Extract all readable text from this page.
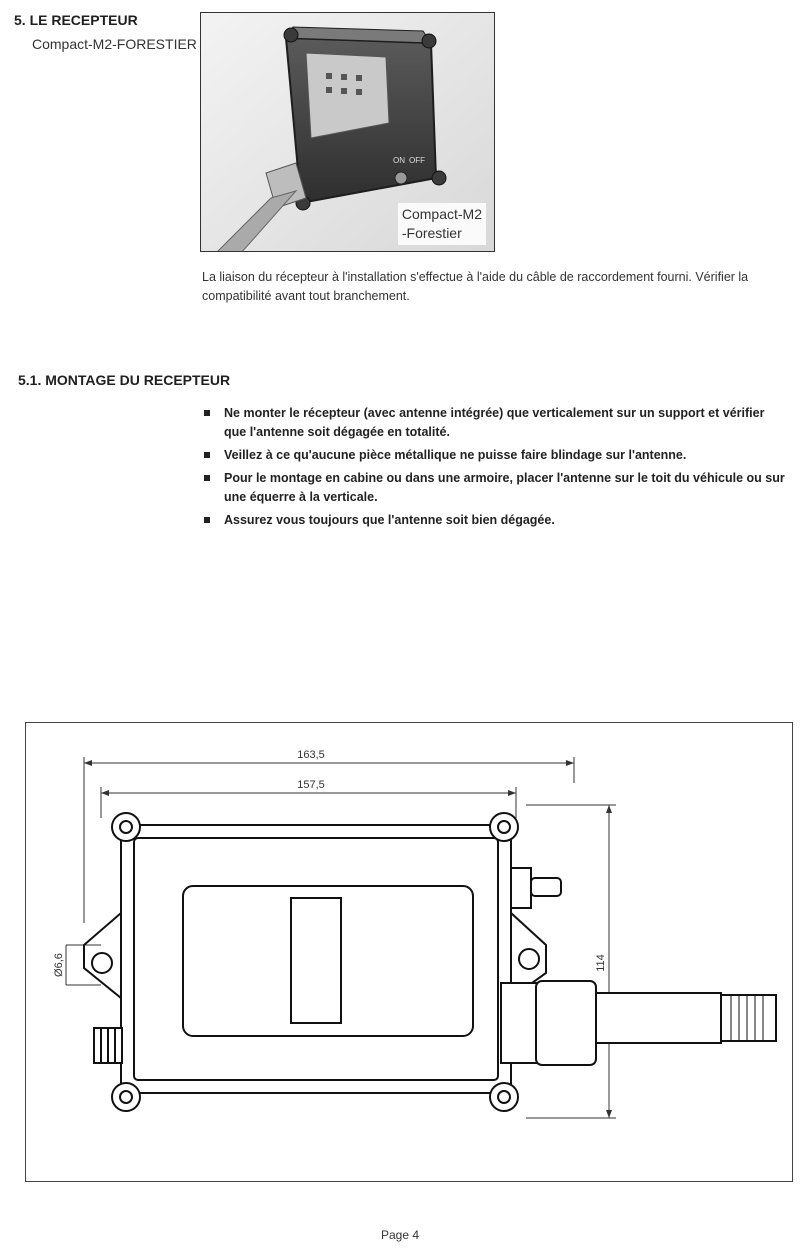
5. LE RECEPTEUR
Compact-M2-FORESTIER
ON OFF
Compact-M2
-Forestier
La liaison du récepteur à l'installation s'effectue à l'aide du câble de raccordement fourni. Vérifier la compatibilité avant tout branchement.
5.1. MONTAGE DU RECEPTEUR
Ne monter le récepteur (avec antenne intégrée) que verticalement sur un support et vérifier que l'antenne soit dégagée en totalité.
Veillez à ce qu'aucune pièce métallique ne puisse faire blindage sur l'antenne.
Pour le montage en cabine ou dans une armoire, placer l'antenne sur le toit du véhicule ou sur une équerre à la verticale.
Assurez vous toujours que l'antenne soit bien dégagée.
163,5
157,5
114
Ø6,6
Page 4
